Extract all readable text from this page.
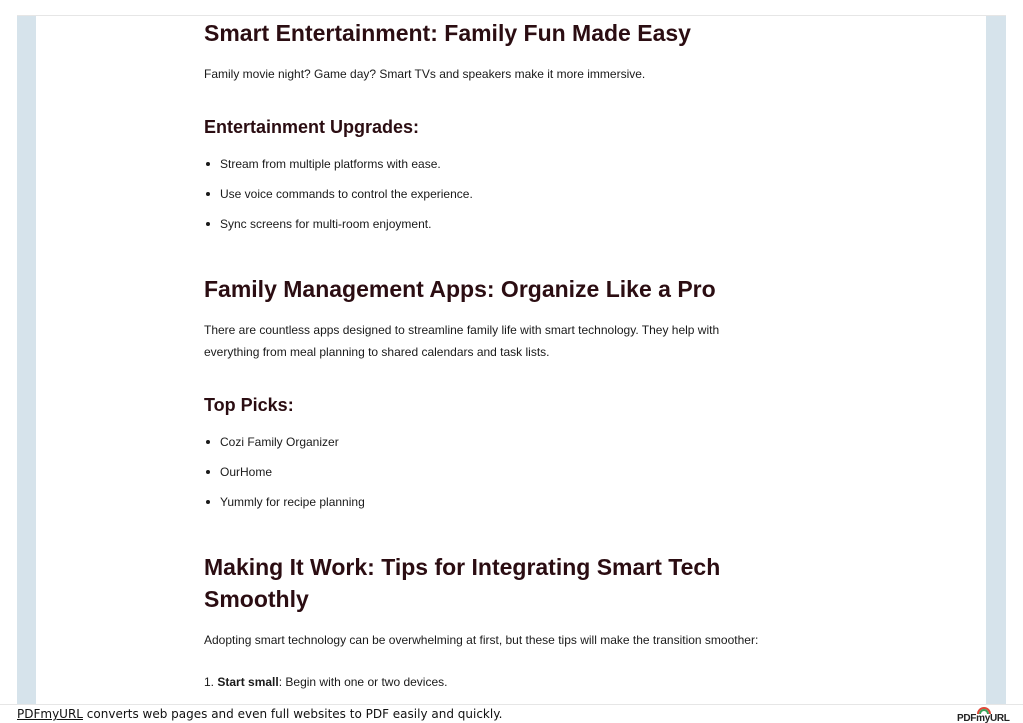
Smart Entertainment: Family Fun Made Easy

Family movie night? Game day? Smart TVs and speakers make it more immersive.

Entertainment Upgrades:
Stream from multiple platforms with ease.
Use voice commands to control the experience.
Sync screens for multi-room enjoyment.
Family Management Apps: Organize Like a Pro

There are countless apps designed to streamline family life with smart technology. They help with

everything from meal planning to shared calendars and task lists.

Top Picks:
Cozi Family Organizer
OurHome
Yummly for recipe planning
Making It Work: Tips for Integrating Smart Tech
Smoothly

Adopting smart technology can be overwhelming at first, but these tips will make the transition smoother:

1. Start small: Begin with one or two devices.
PDFmyURL converts web pages and even full websites to PDF easily and quickly.	PDFmyURL
